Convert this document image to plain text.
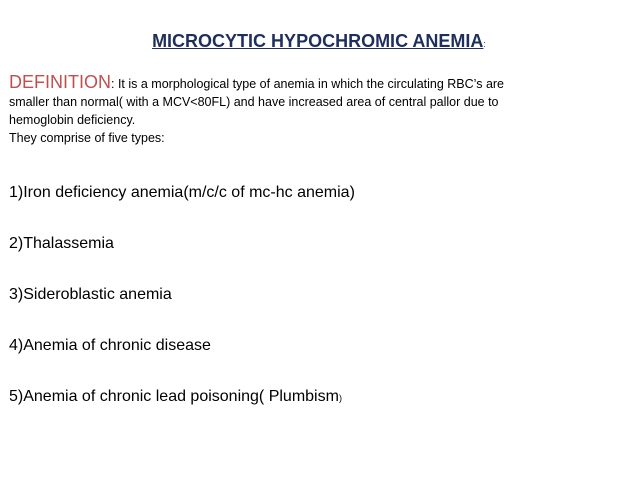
MICROCYTIC HYPOCHROMIC ANEMIA:
DEFINITION: It is a morphological type of anemia in which the circulating RBC’s are
smaller than normal( with a MCV<80FL) and have increased area of central pallor due to
hemoglobin deficiency.
They comprise of five types:
1)Iron deficiency anemia(m/c/c of mc-hc anemia)
2)Thalassemia
3)Sideroblastic anemia
4)Anemia of chronic disease
5)Anemia of chronic lead poisoning( Plumbism)
